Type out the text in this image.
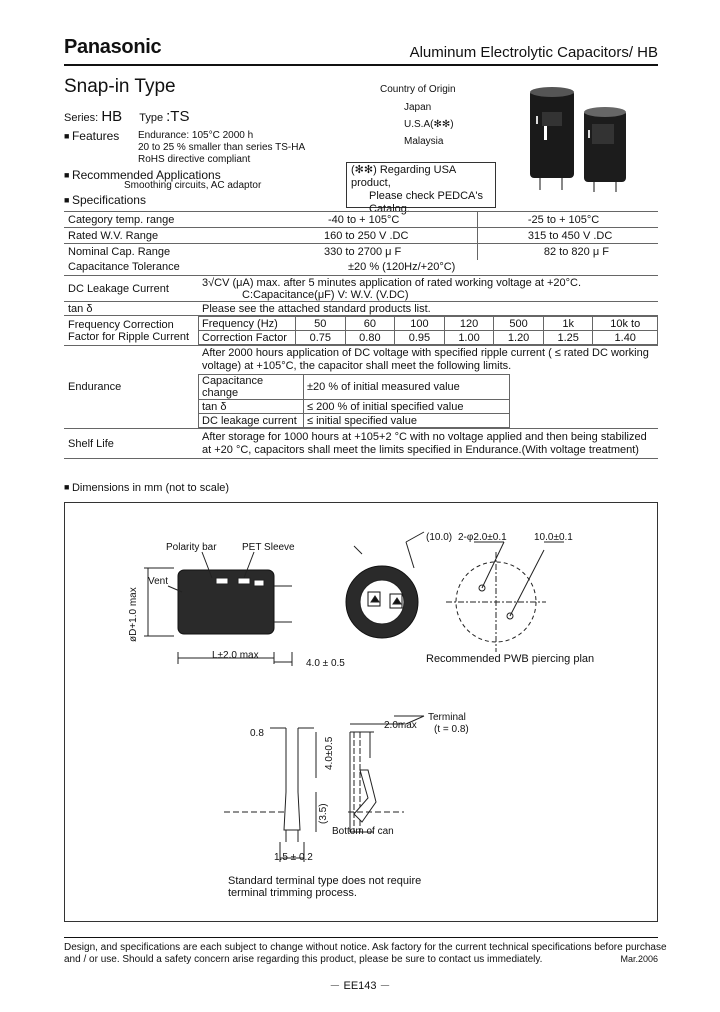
Panasonic	Aluminum Electrolytic Capacitors/ HB
Snap-in Type
Series: HB Type :TS
Country of Origin
Japan
U.S.A(✻✻)
Malaysia
■ Features Endurance: 105°C 2000 h
20 to 25 % smaller than series TS-HA
RoHS directive compliant
■ Recommended Applications
Smoothing circuits, AC adaptor
■ Specifications
(✻✻) Regarding USA product,
Please check PEDCA's
Catalog.
Category temp. range	-40 to + 105°C	-25 to + 105°C
Rated W.V. Range	160 to 250 V .DC	315 to 450 V .DC
Nominal Cap. Range	330 to 2700 μ F	82 to 820 μ F
Capacitance Tolerance	±20 % (120Hz/+20°C)
DC Leakage Current	3√CV (μA) max. after 5 minutes application of rated working voltage at +20°C.
C:Capacitance(μF) V: W.V. (V.DC)

tan δ	Please see the attached standard products list.

Frequency Correction
Factor for Ripple Current

Frequency (Hz)	50	60	100	120	500	1k	10k to
Correction Factor	0.75	0.80	0.95	1.00	1.20	1.25	1.40

Endurance	
After 2000 hours application of DC voltage with specified ripple current ( ≤ rated DC working
voltage) at +105°C, the capacitor shall meet the following limits.
Capacitance change	±20 % of initial measured value
tan δ	≤ 200 % of initial specified value
DC leakage current	≤ initial specified value

Shelf Life	
After storage for 1000 hours at +105+2 °C with no voltage applied and then being stabilized
at +20 °C, capacitors shall meet the limits specified in Endurance.(With voltage treatment)
■ Dimensions in mm (not to scale)
Polarity bar	PET Sleeve
Vent
øD+1.0 max
L±2.0 max
4.0 ± 0.5
(10.0) 2-φ2.0±0.1	10.0±0.1
Recommended PWB piercing plan
Terminal
(t = 0.8)
0.8
2.0max
4.0±0.5
(3.5)
1.5 ± 0.2
Bottom of can
Standard terminal type does not require
terminal trimming process.
Design, and specifications are each subject to change without notice. Ask factory for the current technical specifications before purchase
and / or use. Should a safety concern arise regarding this product, please be sure to contact us immediately.	Mar.2006
－ EE143 －
